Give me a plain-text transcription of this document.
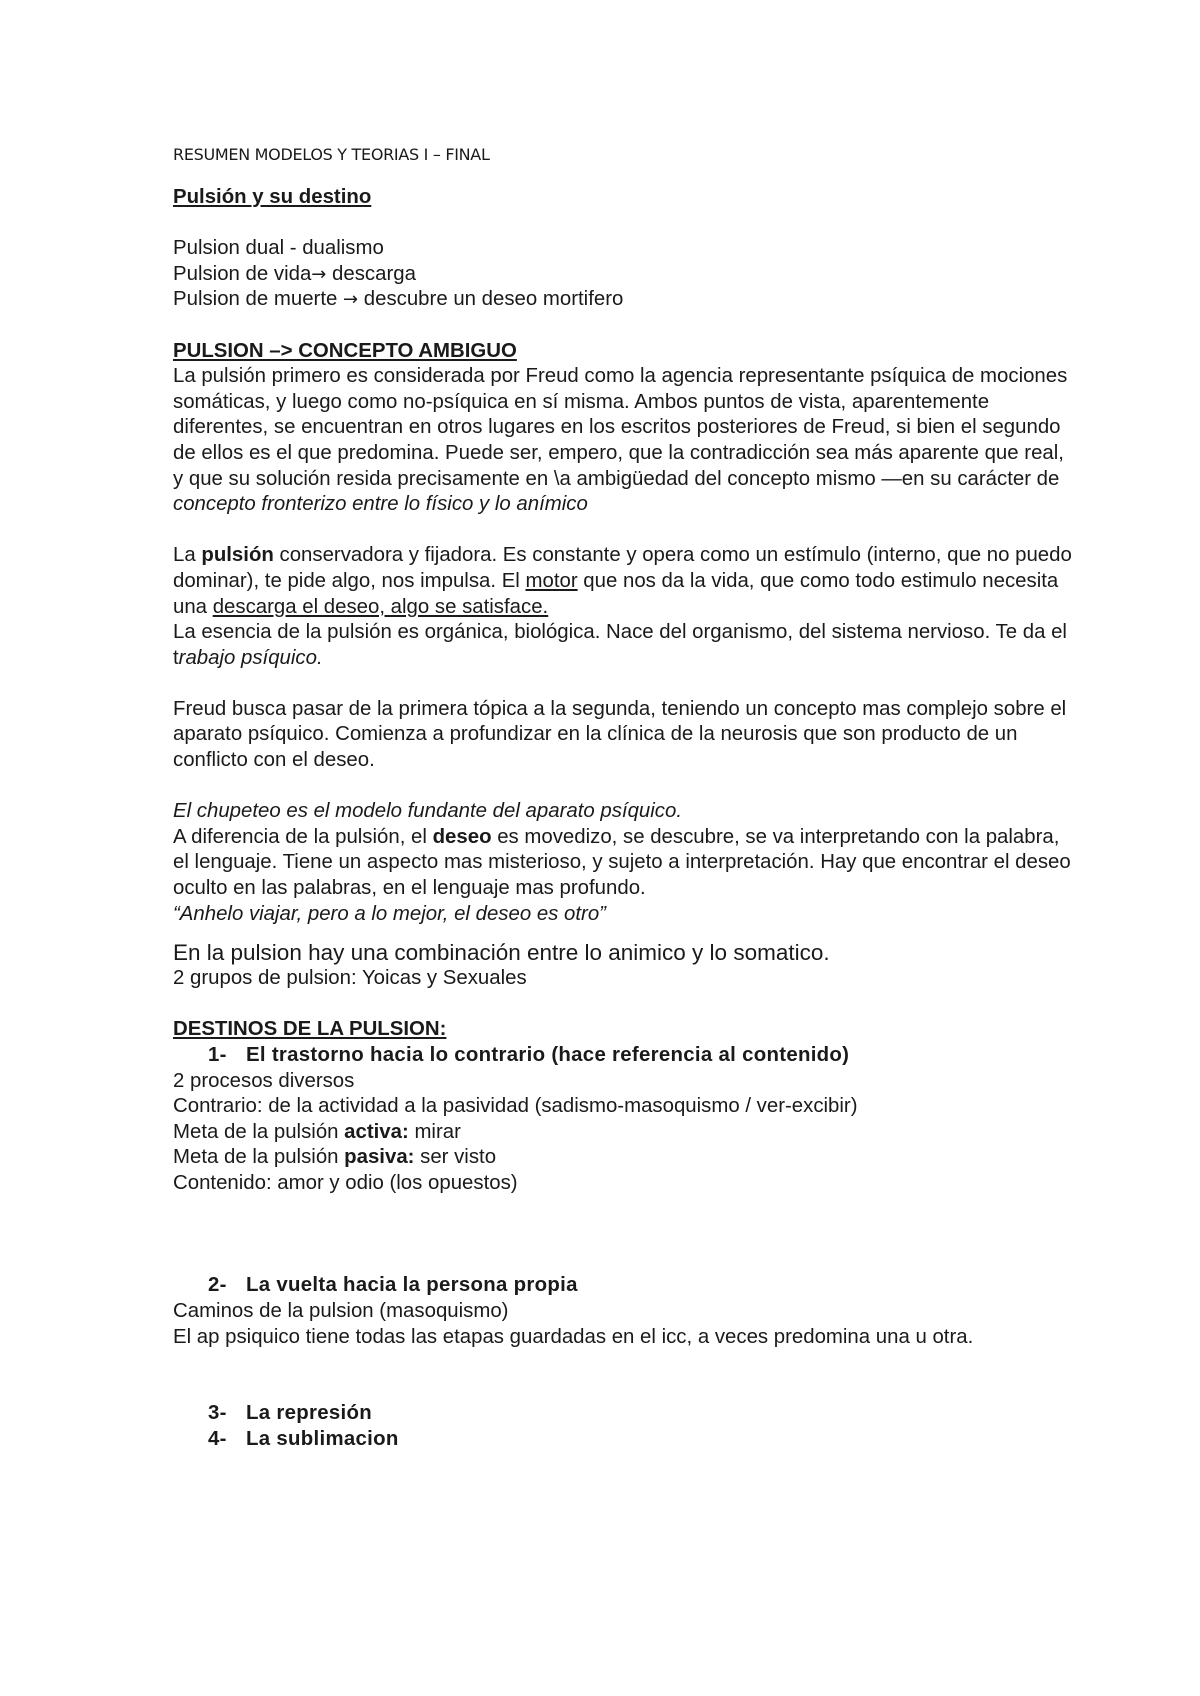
RESUMEN MODELOS Y TEORIAS I – FINAL

Pulsión y su destino

Pulsion dual - dualismo

Pulsion de vida→ descarga

Pulsion de muerte → descubre un deseo mortifero

PULSION –> CONCEPTO AMBIGUO

La pulsión primero es considerada por Freud como la agencia representante psíquica de mociones somáticas, y luego como no-psíquica en sí misma. Ambos puntos de vista, aparentemente diferentes, se encuentran en otros lugares en los escritos posteriores de Freud, si bien el segundo de ellos es el que predomina. Puede ser, empero, que la contradicción sea más aparente que real, y que su solución resida precisamente en \a ambigüedad del concepto mismo —en su carácter de concepto fronterizo entre lo físico y lo anímico

La pulsión conservadora y fijadora. Es constante y opera como un estímulo (interno, que no puedo dominar), te pide algo, nos impulsa. El motor que nos da la vida, que como todo estimulo necesita una descarga el deseo, algo se satisface.

La esencia de la pulsión es orgánica, biológica. Nace del organismo, del sistema nervioso. Te da el trabajo psíquico.

Freud busca pasar de la primera tópica a la segunda, teniendo un concepto mas complejo sobre el aparato psíquico. Comienza a profundizar en la clínica de la neurosis que son producto de un conflicto con el deseo.

El chupeteo es el modelo fundante del aparato psíquico.

A diferencia de la pulsión, el deseo es movedizo, se descubre, se va interpretando con la palabra, el lenguaje. Tiene un aspecto mas misterioso, y sujeto a interpretación. Hay que encontrar el deseo oculto en las palabras, en el lenguaje mas profundo.

“Anhelo viajar, pero a lo mejor, el deseo es otro”

En la pulsion hay una combinación entre lo animico y lo somatico.

2 grupos de pulsion: Yoicas y Sexuales

DESTINOS DE LA PULSION:

1- El trastorno hacia lo contrario (hace referencia al contenido)

2 procesos diversos

Contrario: de la actividad a la pasividad (sadismo-masoquismo / ver-excibir)

Meta de la pulsión activa: mirar

Meta de la pulsión pasiva: ser visto

Contenido: amor y odio (los opuestos)

2- La vuelta hacia la persona propia

Caminos de la pulsion (masoquismo)

El ap psiquico tiene todas las etapas guardadas en el icc, a veces predomina una u otra.

3- La represión

4- La sublimacion
